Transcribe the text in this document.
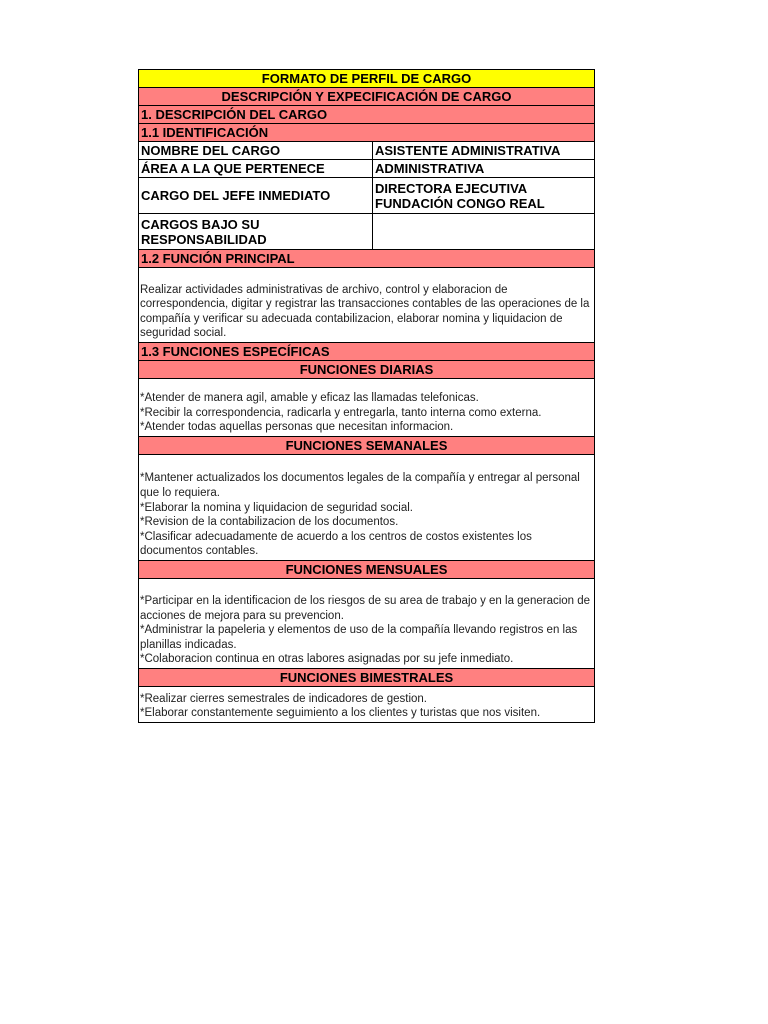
FORMATO DE PERFIL DE CARGO	
DESCRIPCIÓN Y EXPECIFICACIÓN DE CARGO	
1. DESCRIPCIÓN DEL CARGO	
1.1 IDENTIFICACIÓN	
NOMBRE DEL CARGO	ASISTENTE ADMINISTRATIVA
ÁREA A LA QUE PERTENECE	ADMINISTRATIVA
CARGO DEL JEFE INMEDIATO	DIRECTORA EJECUTIVA
FUNDACIÓN CONGO REAL

CARGOS BAJO SU
RESPONSABILIDAD	

1.2 FUNCIÓN PRINCIPAL	
Realizar actividades administrativas de archivo, control y elaboracion de correspondencia, digitar y registrar las transacciones contables de las operaciones de la compañía y verificar su adecuada contabilizacion, elaborar nomina y liquidacion de seguridad social.	
1.3 FUNCIONES ESPECÍFICAS	
FUNCIONES DIARIAS	

*Atender de manera agil, amable y eficaz las llamadas telefonicas.
*Recibir la correspondencia, radicarla y entregarla, tanto interna como externa.
*Atender todas aquellas personas que necesitan informacion.	

FUNCIONES SEMANALES	

*Mantener actualizados los documentos legales de la compañía y entregar al personal que lo requiera.
*Elaborar la nomina y liquidacion de seguridad social.
*Revision de la contabilizacion de los documentos.
*Clasificar adecuadamente de acuerdo a los centros de costos existentes los documentos contables.	

FUNCIONES MENSUALES	

*Participar en la identificacion de los riesgos de su area de trabajo y en la generacion de acciones de mejora para su prevencion.
*Administrar la papeleria y elementos de uso de la compañía llevando registros en las planillas indicadas.
*Colaboracion continua en otras labores asignadas por su jefe inmediato.	

FUNCIONES BIMESTRALES	

*Realizar cierres semestrales de indicadores de gestion.
*Elaborar constantemente seguimiento a los clientes y turistas que nos visiten.	
